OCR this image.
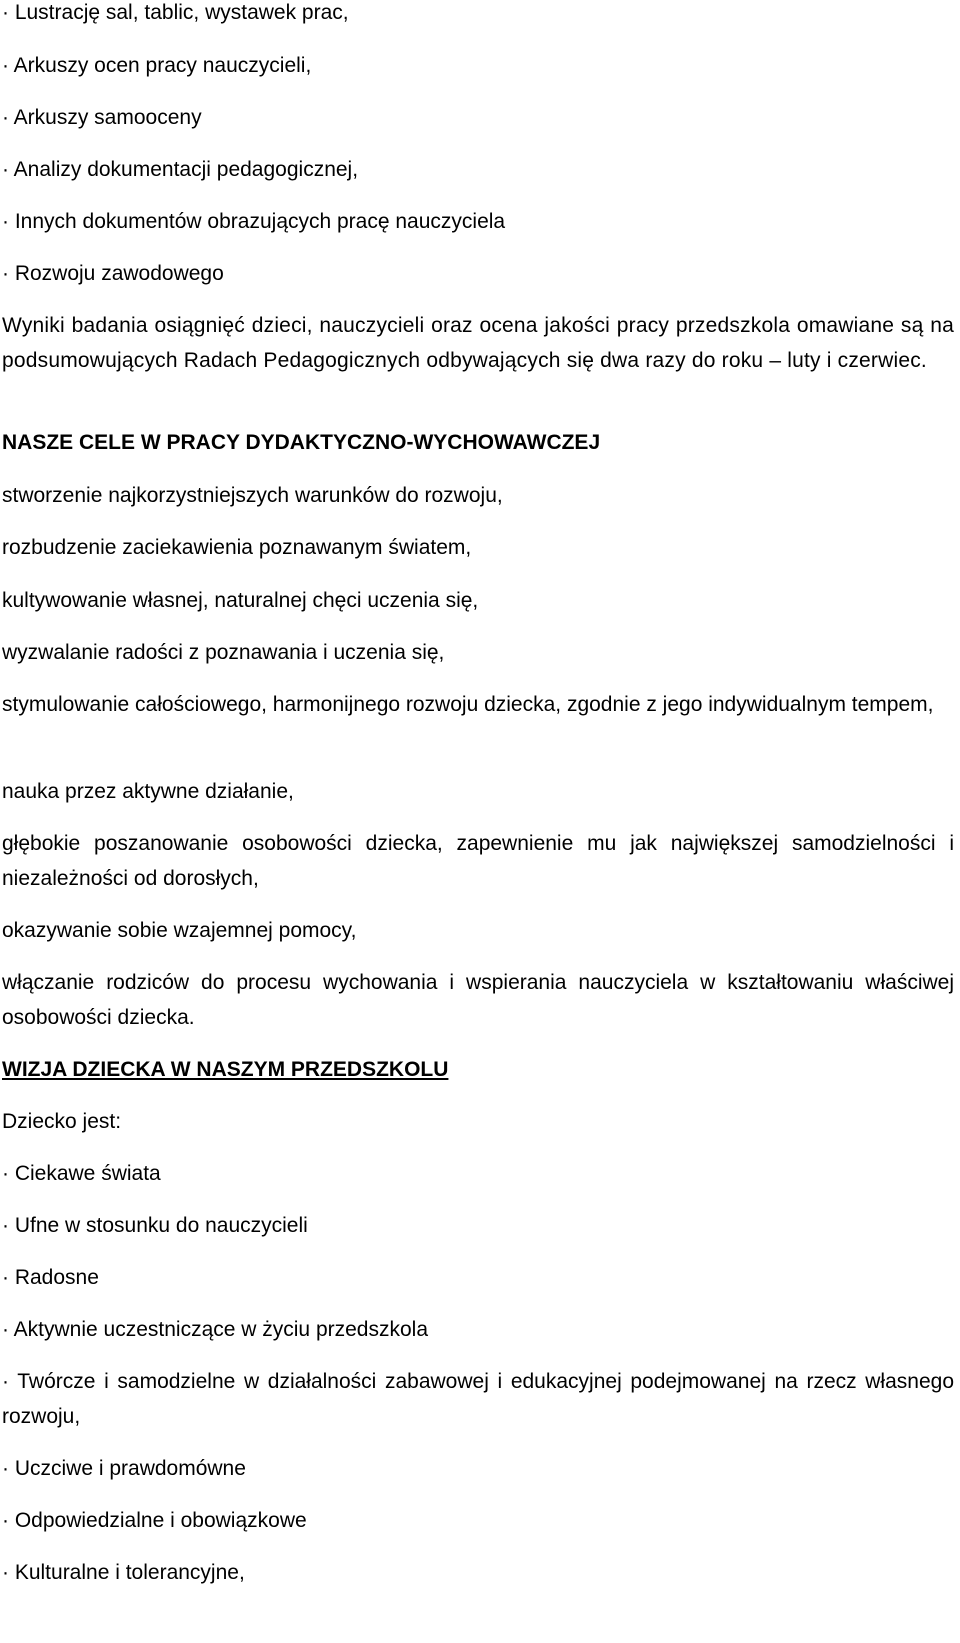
· Lustrację sal, tablic, wystawek prac,

· Arkuszy ocen pracy nauczycieli,

· Arkuszy samooceny

· Analizy dokumentacji pedagogicznej,

· Innych dokumentów obrazujących pracę nauczyciela

· Rozwoju zawodowego

Wyniki badania osiągnięć dzieci, nauczycieli oraz ocena jakości pracy przedszkola omawiane są na podsumowujących Radach Pedagogicznych odbywających się dwa razy do roku – luty i czerwiec.

NASZE CELE W PRACY DYDAKTYCZNO-WYCHOWAWCZEJ

stworzenie najkorzystniejszych warunków do rozwoju,

rozbudzenie zaciekawienia poznawanym światem,

kultywowanie własnej, naturalnej chęci uczenia się,

wyzwalanie radości z poznawania i uczenia się,

stymulowanie całościowego, harmonijnego rozwoju dziecka, zgodnie z jego indywidualnym tempem,

nauka przez aktywne działanie,

głębokie poszanowanie osobowości dziecka, zapewnienie mu jak największej samodzielności i niezależności od dorosłych,

okazywanie sobie wzajemnej pomocy,

włączanie rodziców do procesu wychowania i wspierania nauczyciela w kształtowaniu właściwej osobowości dziecka.

WIZJA DZIECKA W NASZYM PRZEDSZKOLU

Dziecko jest:

· Ciekawe świata

· Ufne w stosunku do nauczycieli

· Radosne

· Aktywnie uczestniczące w życiu przedszkola

· Twórcze i samodzielne w działalności zabawowej i edukacyjnej podejmowanej na rzecz własnego rozwoju,

· Uczciwe i prawdomówne

· Odpowiedzialne i obowiązkowe

· Kulturalne i tolerancyjne,
